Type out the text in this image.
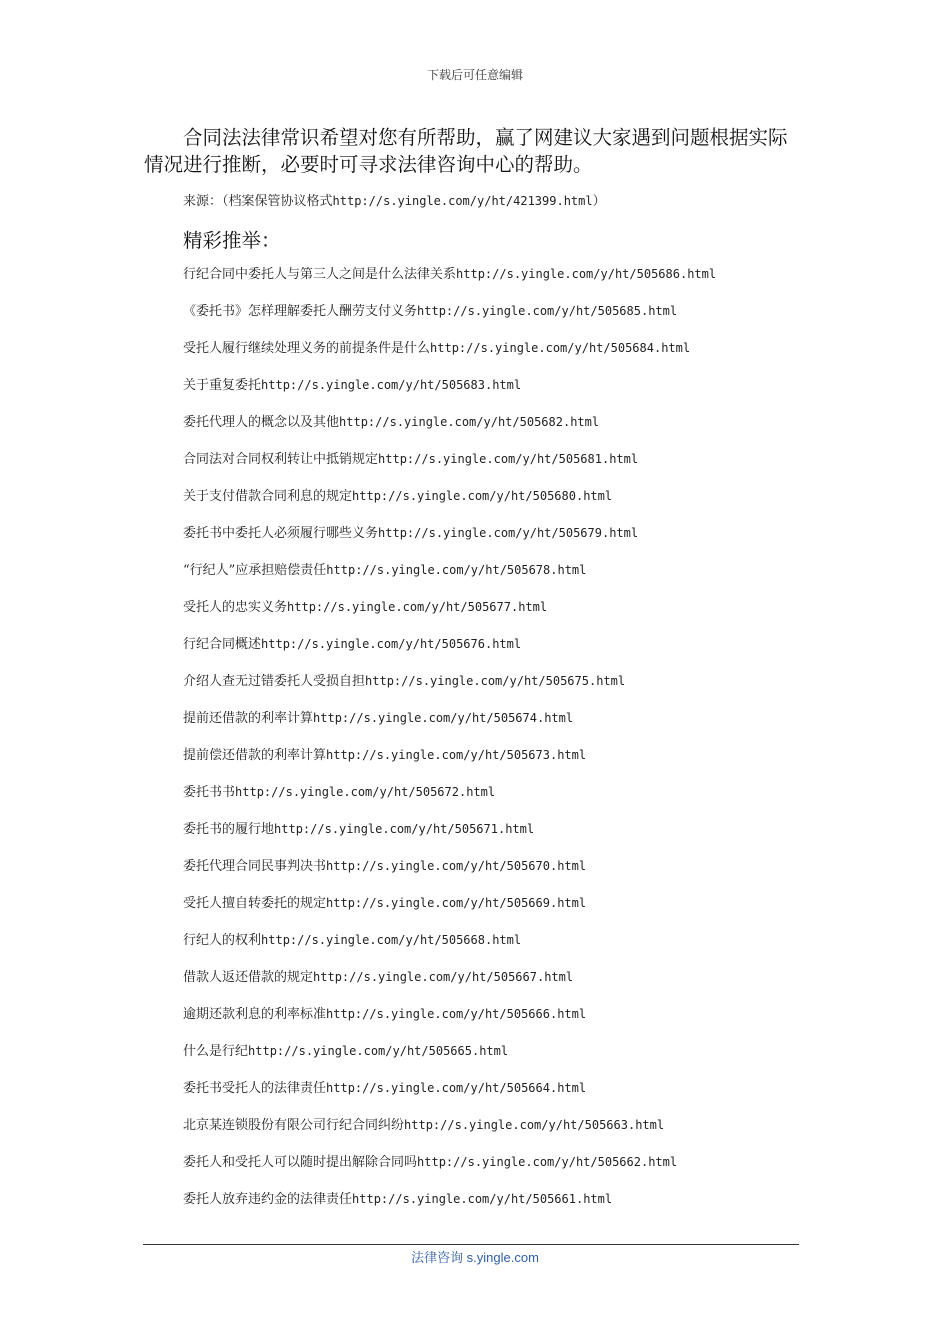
下载后可任意编辑
合同法法律常识希望对您有所帮助，赢了网建议大家遇到问题根据实际情况进行推断，必要时可寻求法律咨询中心的帮助。
来源：（档案保管协议格式http://s.yingle.com/y/ht/421399.html）
精彩推举：
行纪合同中委托人与第三人之间是什么法律关系http://s.yingle.com/y/ht/505686.html
《委托书》怎样理解委托人酬劳支付义务http://s.yingle.com/y/ht/505685.html
受托人履行继续处理义务的前提条件是什么http://s.yingle.com/y/ht/505684.html
关于重复委托http://s.yingle.com/y/ht/505683.html
委托代理人的概念以及其他http://s.yingle.com/y/ht/505682.html
合同法对合同权利转让中抵销规定http://s.yingle.com/y/ht/505681.html
关于支付借款合同利息的规定http://s.yingle.com/y/ht/505680.html
委托书中委托人必须履行哪些义务http://s.yingle.com/y/ht/505679.html
“行纪人”应承担赔偿责任http://s.yingle.com/y/ht/505678.html
受托人的忠实义务http://s.yingle.com/y/ht/505677.html
行纪合同概述http://s.yingle.com/y/ht/505676.html
介绍人查无过错委托人受损自担http://s.yingle.com/y/ht/505675.html
提前还借款的利率计算http://s.yingle.com/y/ht/505674.html
提前偿还借款的利率计算http://s.yingle.com/y/ht/505673.html
委托书书http://s.yingle.com/y/ht/505672.html
委托书的履行地http://s.yingle.com/y/ht/505671.html
委托代理合同民事判决书http://s.yingle.com/y/ht/505670.html
受托人擅自转委托的规定http://s.yingle.com/y/ht/505669.html
行纪人的权利http://s.yingle.com/y/ht/505668.html
借款人返还借款的规定http://s.yingle.com/y/ht/505667.html
逾期还款利息的利率标准http://s.yingle.com/y/ht/505666.html
什么是行纪http://s.yingle.com/y/ht/505665.html
委托书受托人的法律责任http://s.yingle.com/y/ht/505664.html
北京某连锁股份有限公司行纪合同纠纷http://s.yingle.com/y/ht/505663.html
委托人和受托人可以随时提出解除合同吗http://s.yingle.com/y/ht/505662.html
委托人放弃违约金的法律责任http://s.yingle.com/y/ht/505661.html
法律咨询 s.yingle.com
